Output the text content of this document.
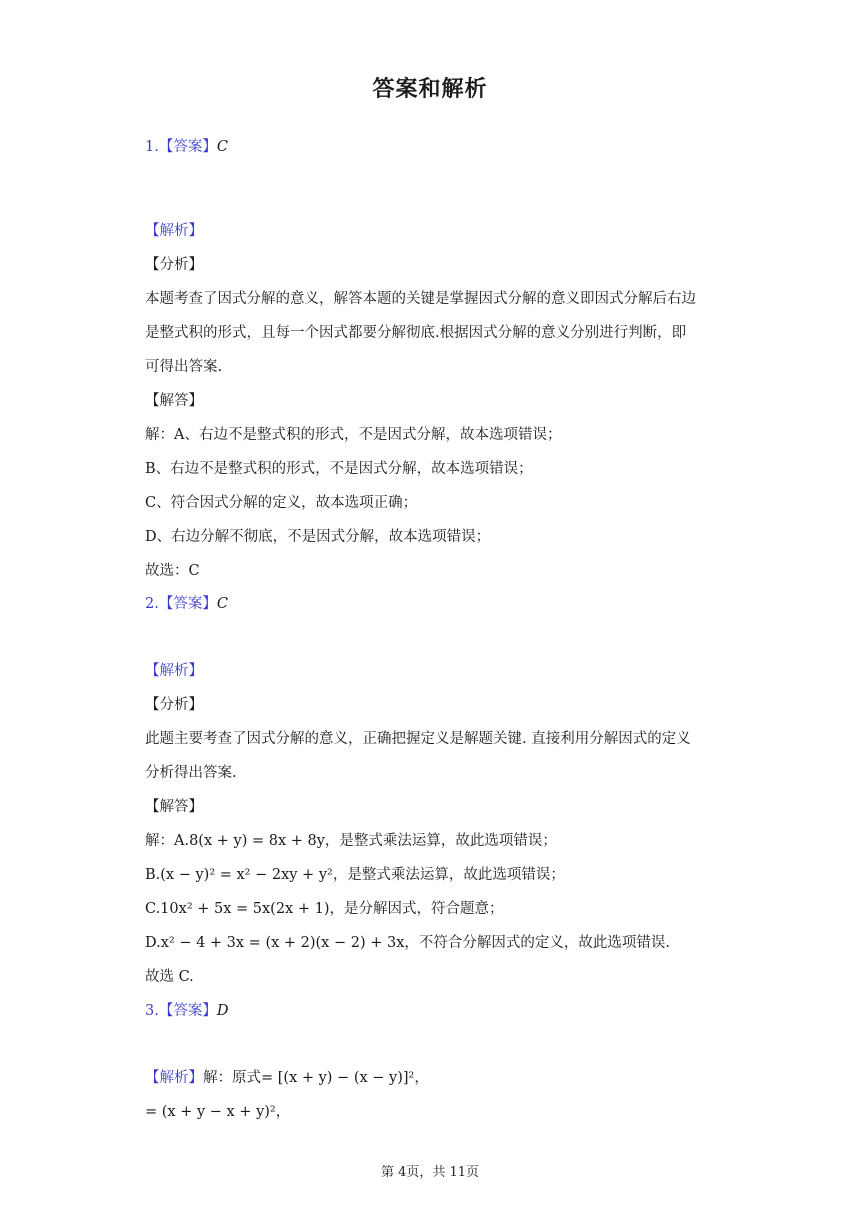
答案和解析
1.【答案】C
【解析】
【分析】
本题考查了因式分解的意义，解答本题的关键是掌握因式分解的意义即因式分解后右边
是整式积的形式，且每一个因式都要分解彻底.根据因式分解的意义分别进行判断，即
可得出答案.
【解答】
解：A、右边不是整式积的形式，不是因式分解，故本选项错误；
B、右边不是整式积的形式，不是因式分解，故本选项错误；
C、符合因式分解的定义，故本选项正确；
D、右边分解不彻底，不是因式分解，故本选项错误；
故选：C
2.【答案】C
【解析】
【分析】
此题主要考查了因式分解的意义，正确把握定义是解题关键. 直接利用分解因式的定义
分析得出答案.
【解答】
解：A.8(x + y) = 8x + 8y，是整式乘法运算，故此选项错误；
B.(x − y)² = x² − 2xy + y²，是整式乘法运算，故此选项错误；
C.10x² + 5x = 5x(2x + 1)，是分解因式，符合题意；
D.x² − 4 + 3x = (x + 2)(x − 2) + 3x，不符合分解因式的定义，故此选项错误.
故选 C.
3.【答案】D
【解析】解：原式= [(x + y) − (x − y)]²，
= (x + y − x + y)²，
第 4页，共 11页
